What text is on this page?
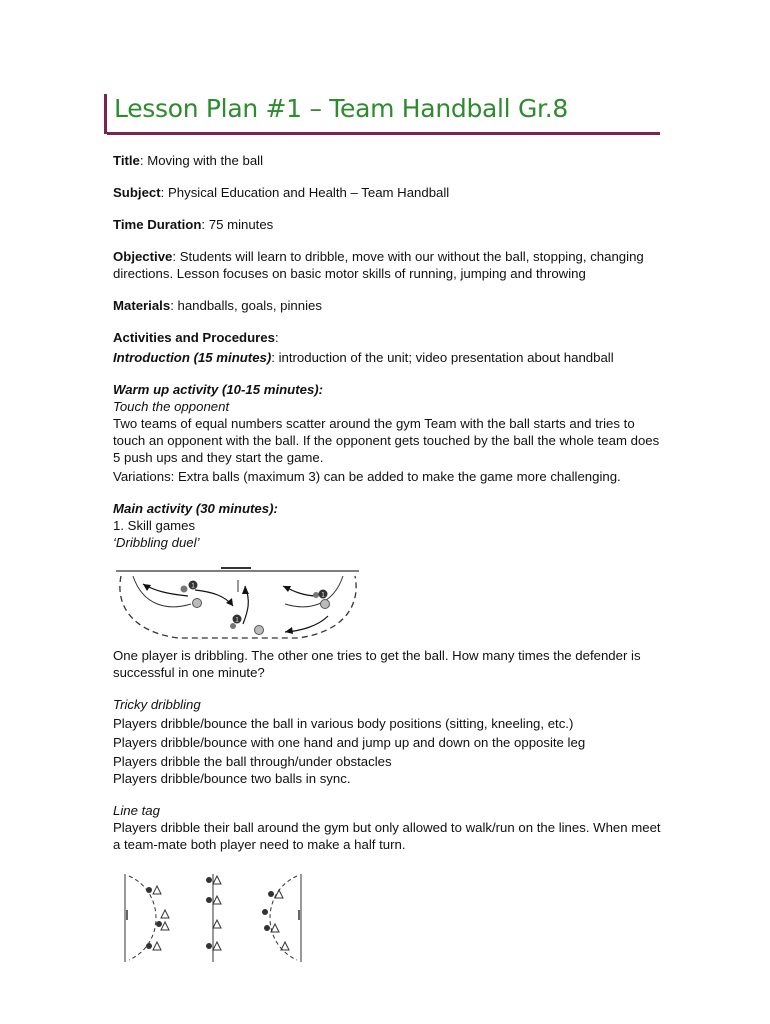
Lesson Plan #1 – Team Handball Gr.8

Title: Moving with the ball

Subject: Physical Education and Health – Team Handball

Time Duration: 75 minutes

Objective: Students will learn to dribble, move with our without the ball, stopping, changing directions. Lesson focuses on basic motor skills of running, jumping and throwing

Materials: handballs, goals, pinnies

Activities and Procedures:

Introduction (15 minutes): introduction of the unit; video presentation about handball

Warm up activity (10-15 minutes):

Touch the opponent

Two teams of equal numbers scatter around the gym Team with the ball starts and tries to touch an opponent with the ball. If the opponent gets touched by the ball the whole team does 5 push ups and they start the game.

Variations: Extra balls (maximum 3) can be added to make the game more challenging.

Main activity (30 minutes):

1. Skill games

‘Dribbling duel’

One player is dribbling. The other one tries to get the ball. How many times the defender is successful in one minute?

Tricky dribbling

Players dribble/bounce the ball in various body positions (sitting, kneeling, etc.)

Players dribble/bounce with one hand and jump up and down on the opposite leg

Players dribble the ball through/under obstacles

Players dribble/bounce two balls in sync.

Line tag

Players dribble their ball around the gym but only allowed to walk/run on the lines. When meet a team-mate both player need to make a half turn.

1
1
1
